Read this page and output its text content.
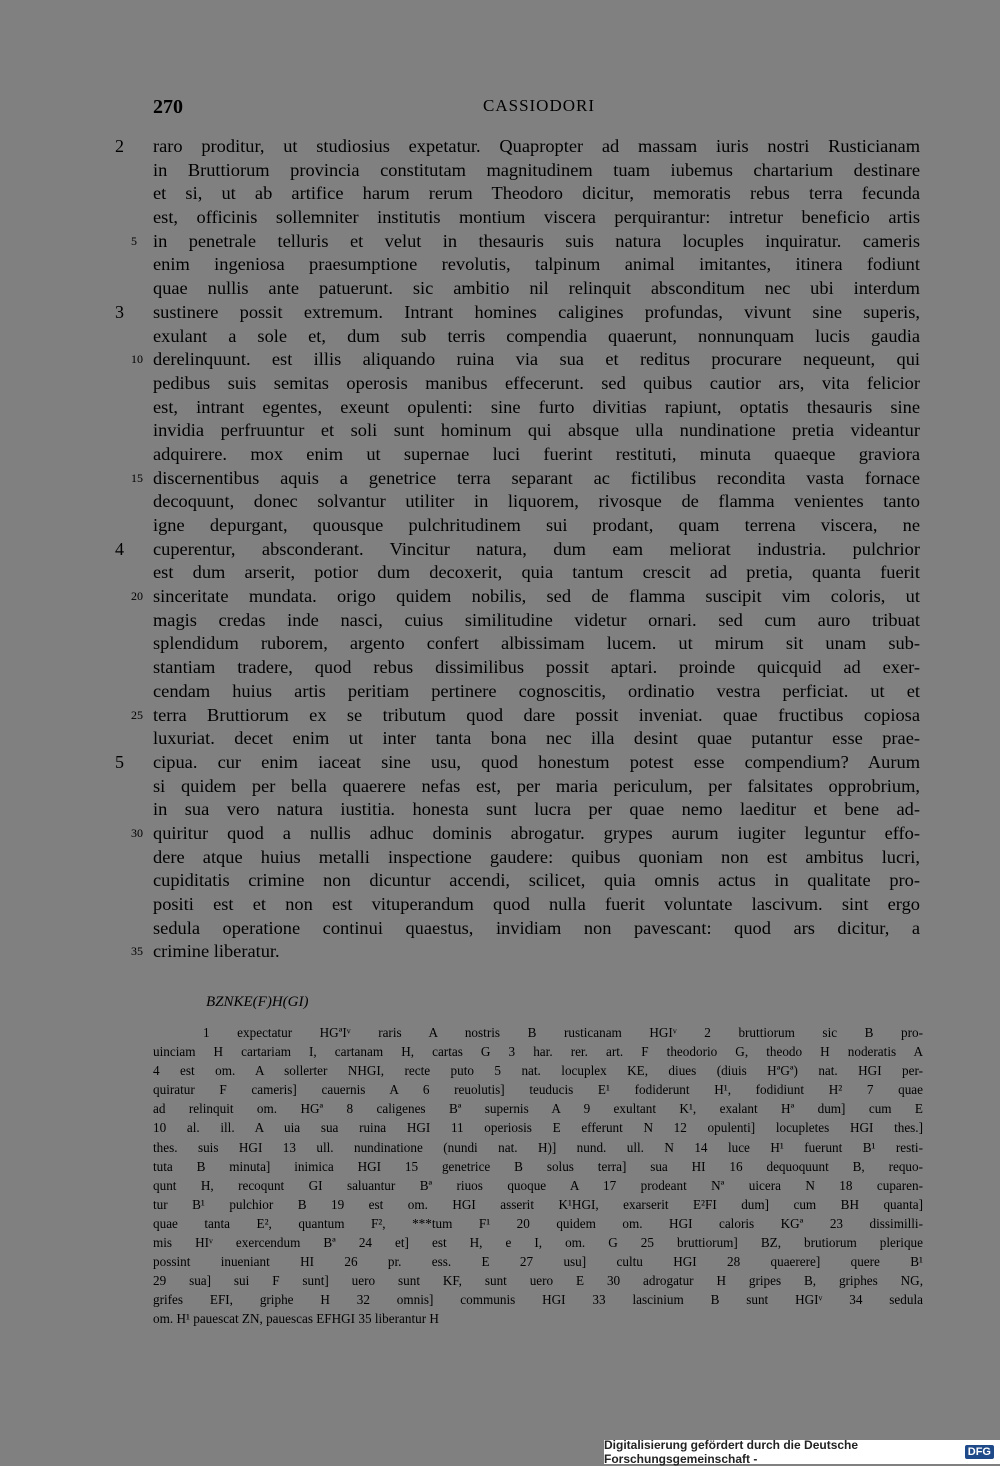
270	CASSIODORI
2 raro proditur, ut studiosius expetatur. Quapropter ad massam iuris nostri Rusticianam
in Bruttiorum provincia constitutam magnitudinem tuam iubemus chartarium destinare
et si, ut ab artifice harum rerum Theodoro dicitur, memoratis rebus terra fecunda
est, officinis sollemniter institutis montium viscera perquirantur: intretur beneficio artis
5 in penetrale telluris et velut in thesauris suis natura locuples inquiratur. cameris
enim ingeniosa praesumptione revolutis, talpinum animal imitantes, itinera fodiunt
quae nullis ante patuerunt. sic ambitio nil relinquit absconditum nec ubi interdum
3 sustinere possit extremum. Intrant homines caligines profundas, vivunt sine superis,
exulant a sole et, dum sub terris compendia quaerunt, nonnunquam lucis gaudia
10 derelinquunt. est illis aliquando ruina via sua et reditus procurare nequeunt, qui
pedibus suis semitas operosis manibus effecerunt. sed quibus cautior ars, vita felicior
est, intrant egentes, exeunt opulenti: sine furto divitias rapiunt, optatis thesauris sine
invidia perfruuntur et soli sunt hominum qui absque ulla nundinatione pretia videantur
adquirere. mox enim ut supernae luci fuerint restituti, minuta quaeque graviora
15 discernentibus aquis a genetrice terra separant ac fictilibus recondita vasta fornace
decoquunt, donec solvantur utiliter in liquorem, rivosque de flamma venientes tanto
igne depurgant, quousque pulchritudinem sui prodant, quam terrena viscera, ne
4 cuperentur, absconderant. Vincitur natura, dum eam meliorat industria. pulchrior
est dum arserit, potior dum decoxerit, quia tantum crescit ad pretia, quanta fuerit
20 sinceritate mundata. origo quidem nobilis, sed de flamma suscipit vim coloris, ut
magis credas inde nasci, cuius similitudine videtur ornari. sed cum auro tribuat
splendidum ruborem, argento confert albissimam lucem. ut mirum sit unam sub-
stantiam tradere, quod rebus dissimilibus possit aptari. proinde quicquid ad exer-
cendam huius artis peritiam pertinere cognoscitis, ordinatio vestra perficiat. ut et
25 terra Bruttiorum ex se tributum quod dare possit inveniat. quae fructibus copiosa
luxuriat. decet enim ut inter tanta bona nec illa desint quae putantur esse prae-
5 cipua. cur enim iaceat sine usu, quod honestum potest esse compendium? Aurum
si quidem per bella quaerere nefas est, per maria periculum, per falsitates opprobrium,
in sua vero natura iustitia. honesta sunt lucra per quae nemo laeditur et bene ad-
30 quiritur quod a nullis adhuc dominis abrogatur. grypes aurum iugiter leguntur effo-
dere atque huius metalli inspectione gaudere: quibus quoniam non est ambitus lucri,
cupiditatis crimine non dicuntur accendi, scilicet, quia omnis actus in qualitate pro-
positi est et non est vituperandum quod nulla fuerit voluntate lascivum. sint ergo
sedula operatione continui quaestus, invidiam non pavescant: quod ars dicitur, a
35 crimine liberatur.
BZNKE(F)H(GI)
1 expectatur HGªIᵛ raris A nostris B rusticanam HGIᵛ 2 bruttiorum sic B pro-
uinciam H cartariam I, cartanam H, cartas G 3 har. rer. art. F theodorio G, theodo H noderatis A
4 est om. A sollerter NHGI, recte puto 5 nat. locuplex KE, diues (diuis HªGª) nat. HGI per-
quiratur F cameris] cauernis A 6 reuolutis] teuducis E¹ fodiderunt H¹, fodidiunt H² 7 quae
ad relinquit om. HGª 8 caligenes Bª supernis A 9 exultant K¹, exalant Hª dum] cum E
10 al. ill. A uia sua ruina HGI 11 operiosis E efferunt N 12 opulenti] locupletes HGI thes.]
thes. suis HGI 13 ull. nundinatione (nundi nat. H)] nund. ull. N 14 luce H¹ fuerunt B¹ resti-
tuta B minuta] inimica HGI 15 genetrice B solus terra] sua HI 16 dequoquunt B, requo-
qunt H, recoqunt GI saluantur Bª riuos quoque A 17 prodeant Nª uicera N 18 cuparen-
tur B¹ pulchior B 19 est om. HGI asserit K¹HGI, exarserit E²FI dum] cum BH quanta]
quae tanta E², quantum F², ***tum F¹ 20 quidem om. HGI caloris KGª 23 dissimilli-
mis HIᵛ exercendum Bª 24 et] est H, e I, om. G 25 bruttiorum] BZ, brutiorum plerique
possint inueniant HI 26 pr. ess. E 27 usu] cultu HGI 28 quaerere] quere B¹
29 sua] sui F sunt] uero sunt KF, sunt uero E 30 adrogatur H gripes B, griphes NG,
grifes EFI, griphe H 32 omnis] communis HGI 33 lascinium B sunt HGIᵛ 34 sedula
om. H¹ pauescat ZN, pauescas EFHGI 35 liberantur H
Digitalisierung gefördert durch die Deutsche Forschungsgemeinschaft -	DFG
